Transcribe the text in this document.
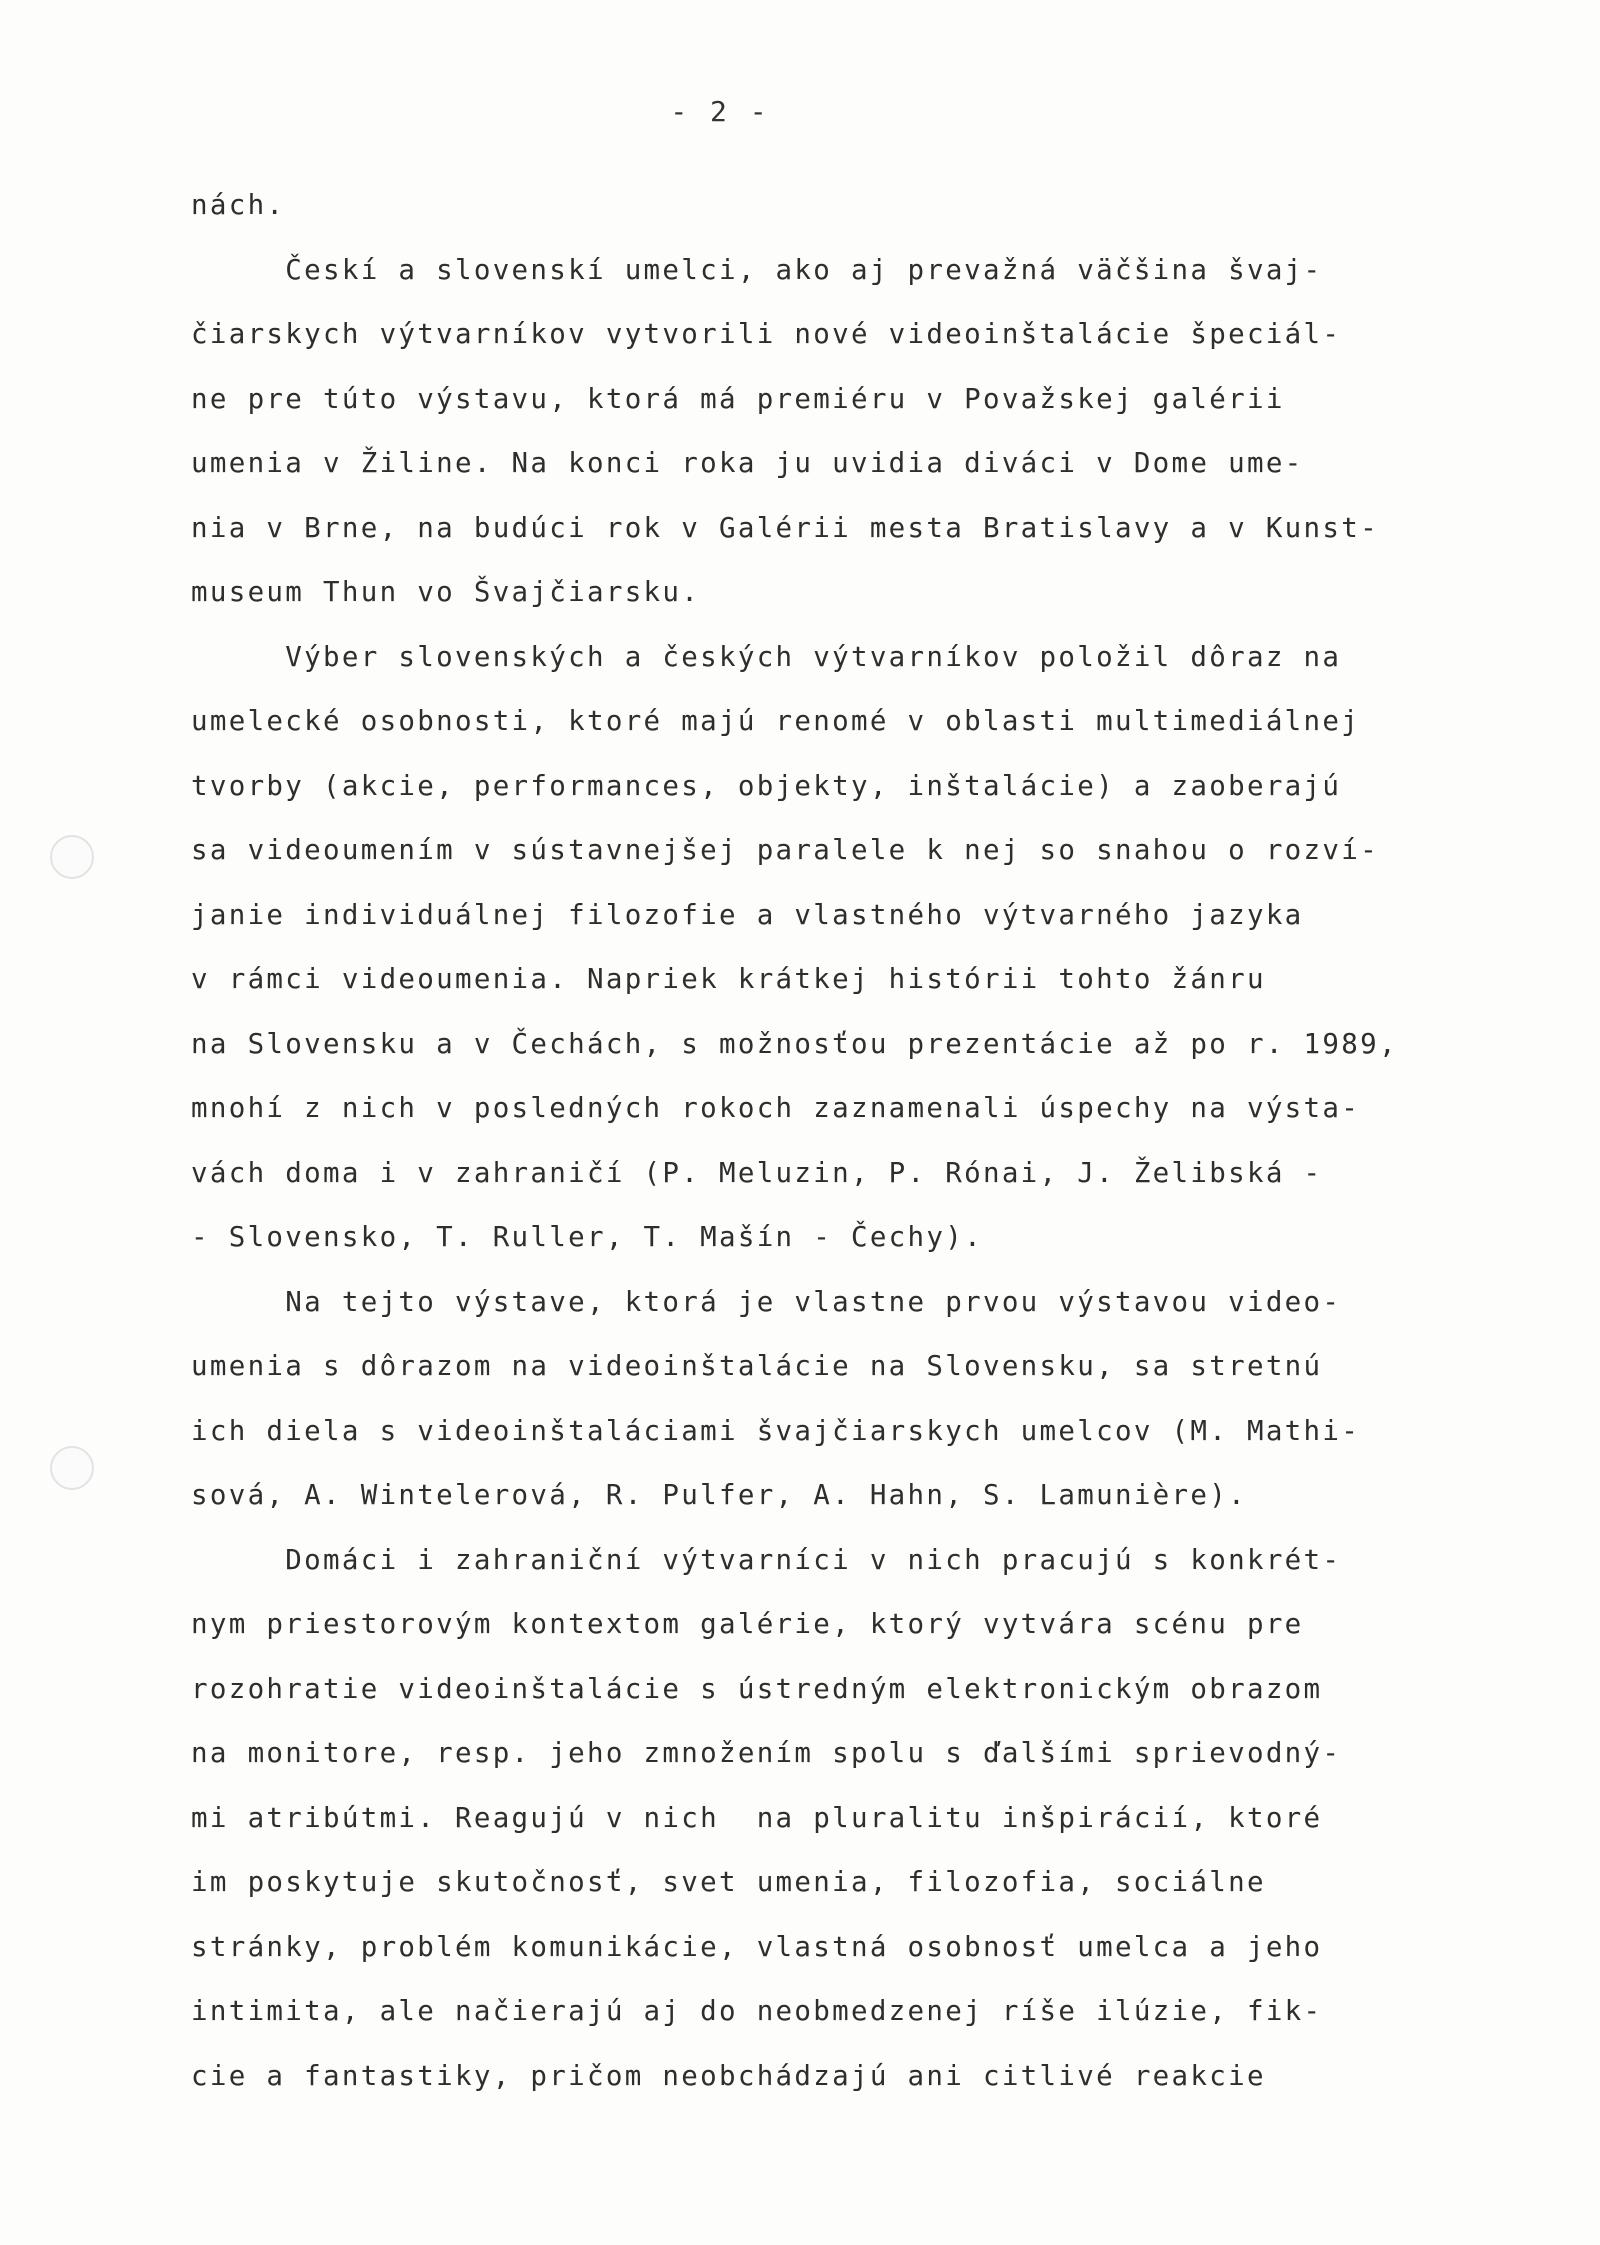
- 2 -
nách.
Českí a slovenskí umelci, ako aj prevažná väčšina švaj-
čiarskych výtvarníkov vytvorili nové videoinštalácie špeciál-
ne pre túto výstavu, ktorá má premiéru v Považskej galérii
umenia v Žiline. Na konci roka ju uvidia diváci v Dome ume-
nia v Brne, na budúci rok v Galérii mesta Bratislavy a v Kunst-
museum Thun vo Švajčiarsku.
Výber slovenských a českých výtvarníkov položil dôraz na
umelecké osobnosti, ktoré majú renomé v oblasti multimediálnej
tvorby (akcie, performances, objekty, inštalácie) a zaoberajú
sa videoumením v sústavnejšej paralele k nej so snahou o rozví-
janie individuálnej filozofie a vlastného výtvarného jazyka
v rámci videoumenia. Napriek krátkej histórii tohto žánru
na Slovensku a v Čechách, s možnosťou prezentácie až po r. 1989,
mnohí z nich v posledných rokoch zaznamenali úspechy na výsta-
vách doma i v zahraničí (P. Meluzin, P. Rónai, J. Želibská -
- Slovensko, T. Ruller, T. Mašín - Čechy).
Na tejto výstave, ktorá je vlastne prvou výstavou video-
umenia s dôrazom na videoinštalácie na Slovensku, sa stretnú
ich diela s videoinštaláciami švajčiarskych umelcov (M. Mathi-
sová, A. Wintelerová, R. Pulfer, A. Hahn, S. Lamunière).
Domáci i zahraniční výtvarníci v nich pracujú s konkrét-
nym priestorovým kontextom galérie, ktorý vytvára scénu pre
rozohratie videoinštalácie s ústredným elektronickým obrazom
na monitore, resp. jeho zmnožením spolu s ďalšími sprievodný-
mi atribútmi. Reagujú v nich  na pluralitu inšpirácií, ktoré
im poskytuje skutočnosť, svet umenia, filozofia, sociálne
stránky, problém komunikácie, vlastná osobnosť umelca a jeho
intimita, ale načierajú aj do neobmedzenej ríše ilúzie, fik-
cie a fantastiky, pričom neobchádzajú ani citlivé reakcie
